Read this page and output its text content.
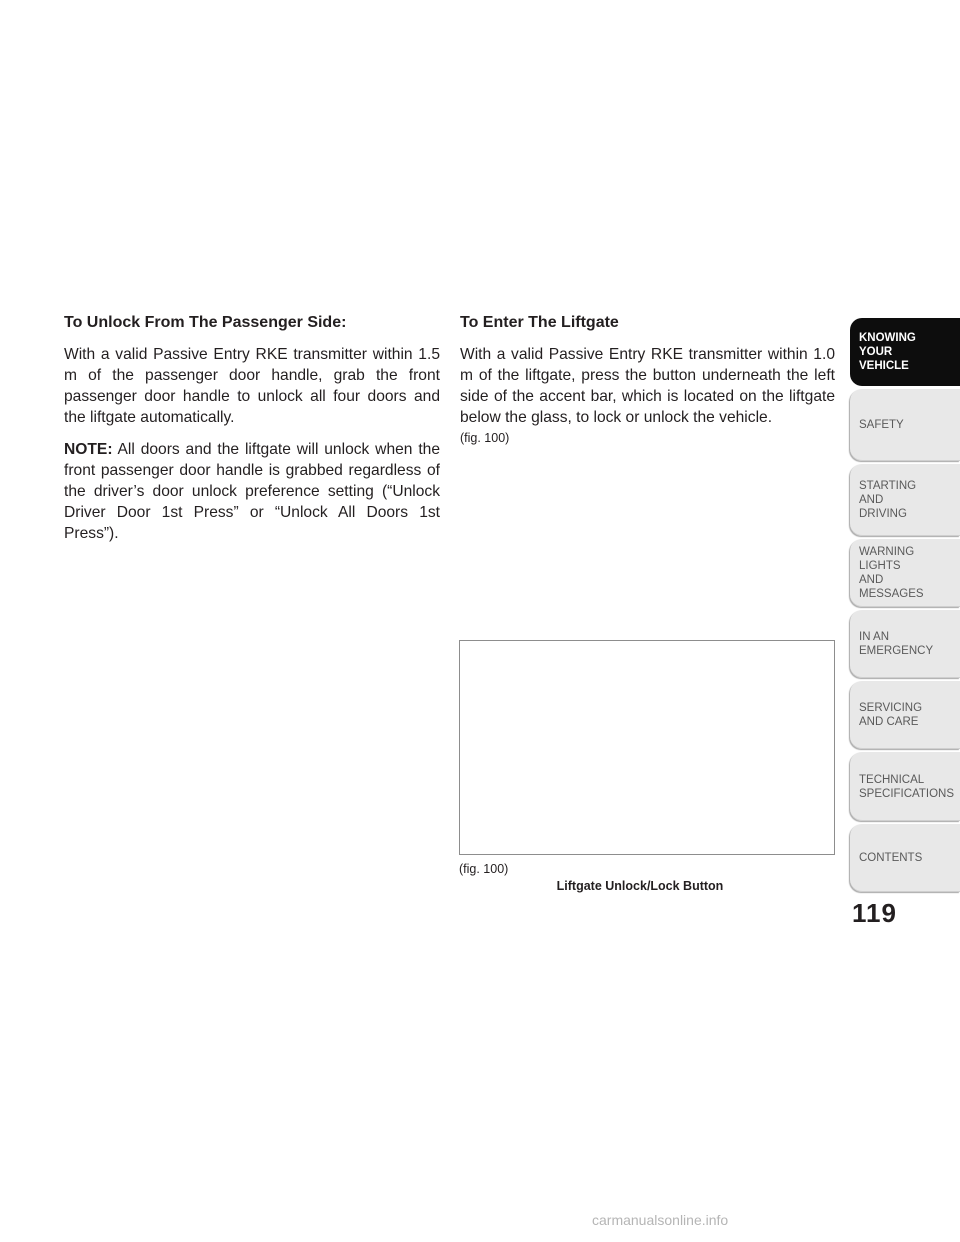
To Unlock From The Passenger Side:

With a valid Passive Entry RKE transmitter within 1.5 m of the passenger door handle, grab the front passenger door handle to unlock all four doors and the liftgate automatically.

NOTE: All doors and the liftgate will unlock when the front passenger door handle is grabbed regardless of the driver’s door unlock preference setting (“Unlock Driver Door 1st Press” or “Unlock All Doors 1st Press”).

To Enter The Liftgate

With a valid Passive Entry RKE transmitter within 1.0 m of the liftgate, press the button underneath the left side of the accent bar, which is located on the liftgate below the glass, to lock or unlock the vehicle.

(fig. 100)
(fig. 100)
Liftgate Unlock/Lock Button
KNOWING
YOUR
VEHICLE
SAFETY
STARTING
AND
DRIVING
WARNING
LIGHTS
AND
MESSAGES
IN AN
EMERGENCY
SERVICING
AND CARE
TECHNICAL
SPECIFICATIONS
CONTENTS
119
carmanualsonline.info
